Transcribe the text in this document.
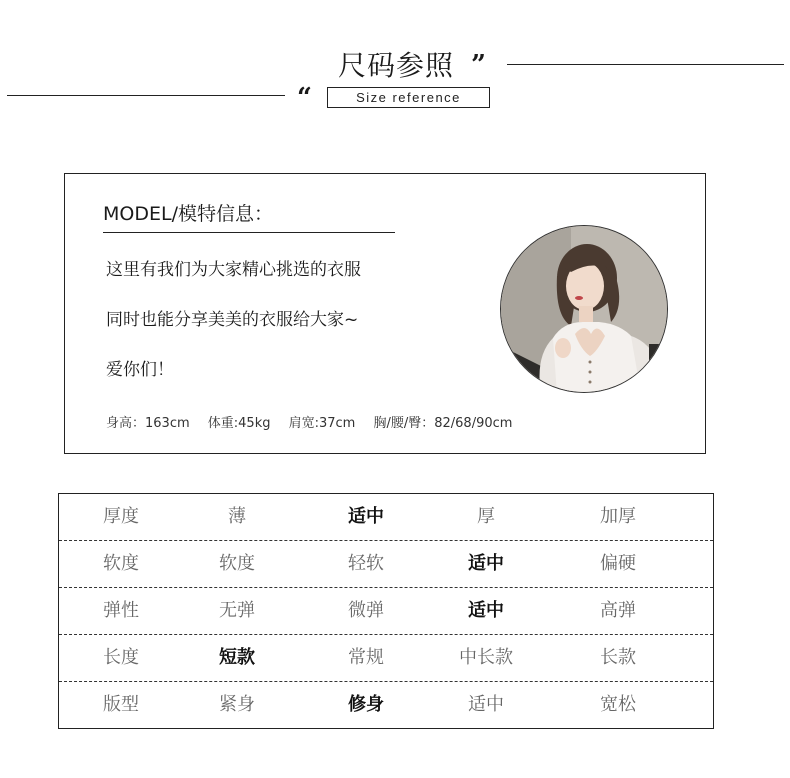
尺码参照 ”
“	Size reference
MODEL/模特信息：
这里有我们为大家精心挑选的衣服
同时也能分享美美的衣服给大家~
爱你们！
身高：163cm 体重:45kg 肩宽:37cm 胸/腰/臀：82/68/90cm
厚度	薄	适中	厚	加厚
软度	软度	轻软	适中	偏硬
弹性	无弹	微弹	适中	高弹
长度	短款	常规	中长款	长款
版型	紧身	修身	适中	宽松
